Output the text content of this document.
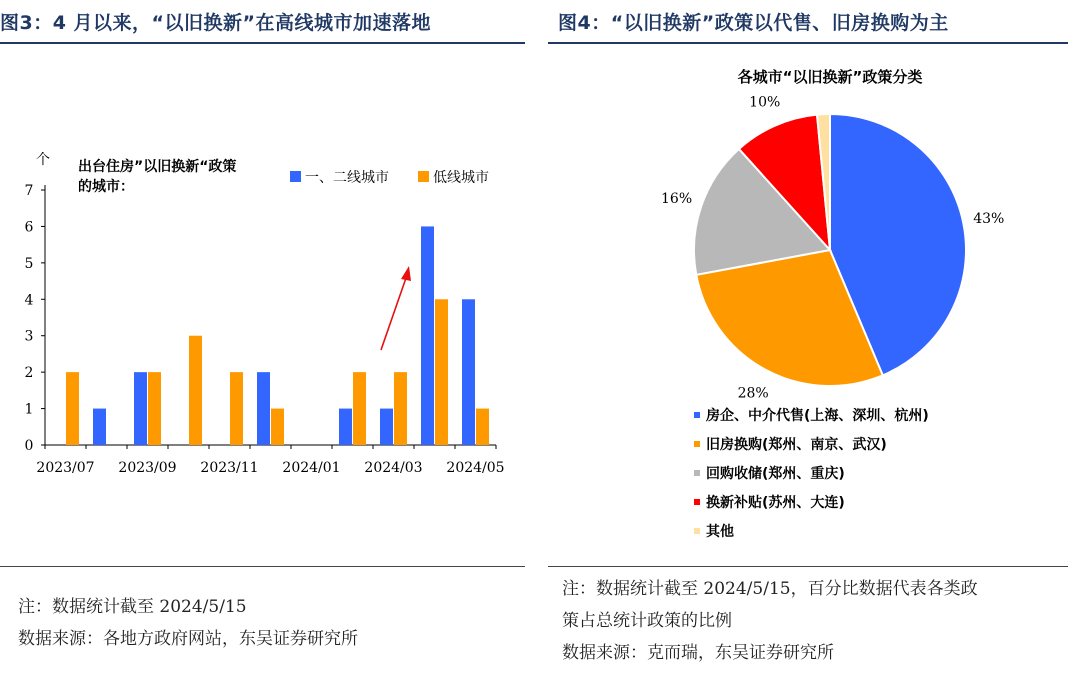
图3：4 月以来，“以旧换新”在高线城市加速落地
个 出台住房”以旧换新“政策
的城市：
一、二线城市	低线城市
0
1
2
3
4
5
6
7
2023/07 2023/09 2023/11 2024/01 2024/03 2024/05
注：数据统计截至 2024/5/15
数据来源：各地方政府网站，东吴证券研究所
图4：“以旧换新”政策以代售、旧房换购为主
各城市“以旧换新”政策分类
43%
28%
16%
10%
房企、中介代售(上海、深圳、杭州)
旧房换购(郑州、南京、武汉)
回购收储(郑州、重庆)
换新补贴(苏州、大连)
其他
注：数据统计截至 2024/5/15，百分比数据代表各类政
策占总统计政策的比例
数据来源：克而瑞，东吴证券研究所
